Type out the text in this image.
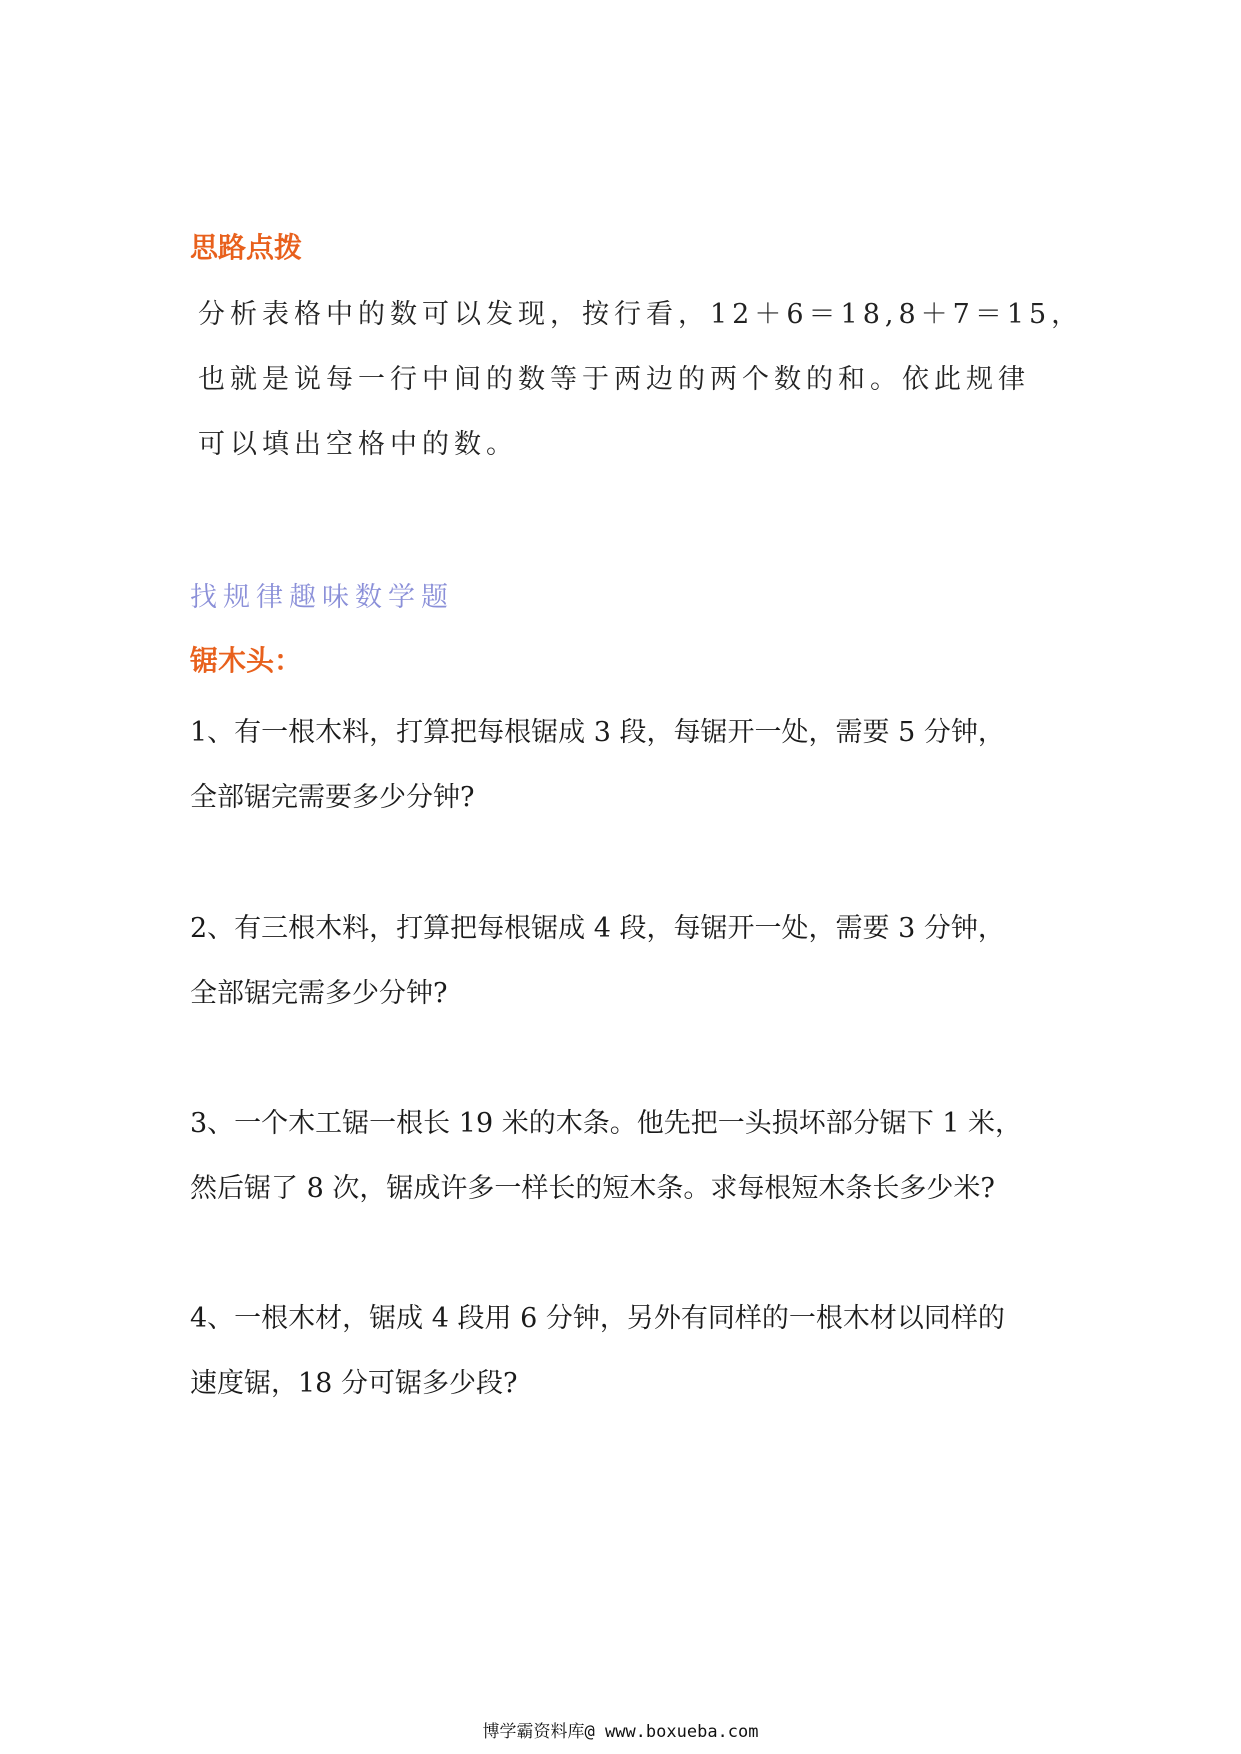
思路点拨
分析表格中的数可以发现，按行看，12＋6＝18,8＋7＝15，
也就是说每一行中间的数等于两边的两个数的和。依此规律
可以填出空格中的数。
找规律趣味数学题
锯木头：
1、有一根木料，打算把每根锯成 3 段，每锯开一处，需要 5 分钟，
全部锯完需要多少分钟?
2、有三根木料，打算把每根锯成 4 段，每锯开一处，需要 3 分钟，
全部锯完需多少分钟?
3、一个木工锯一根长 19 米的木条。他先把一头损坏部分锯下 1 米，
然后锯了 8 次，锯成许多一样长的短木条。求每根短木条长多少米?
4、一根木材，锯成 4 段用 6 分钟，另外有同样的一根木材以同样的
速度锯，18 分可锯多少段?
博学霸资料库@ www.boxueba.com
